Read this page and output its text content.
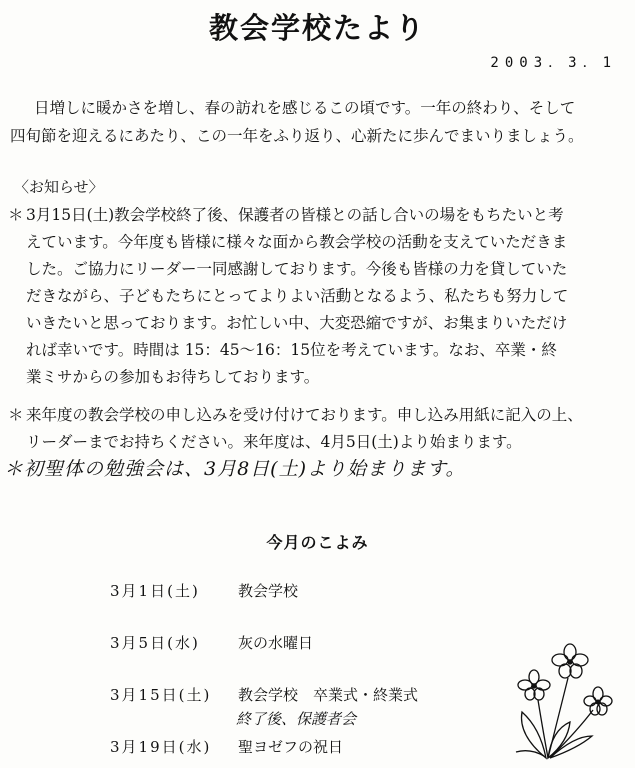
教会学校たより
2003．3．1

日増しに暖かさを増し、春の訪れを感じるこの頃です。一年の終わり、そして

四旬節を迎えるにあたり、この一年をふり返り、心新たに歩んでまいりましょう。

〈お知らせ〉
＊ 3月15日(土)教会学校終了後、保護者の皆様との話し合いの場をもちたいと考
えています。今年度も皆様に様々な面から教会学校の活動を支えていただきま
した。ご協力にリーダー一同感謝しております。今後も皆様の力を貸していた
だきながら、子どもたちにとってよりよい活動となるよう、私たちも努力して
いきたいと思っております。お忙しい中、大変恐縮ですが、お集まりいただけ
れば幸いです。時間は 15：45～16：15位を考えています。なお、卒業・終
業ミサからの参加もお待ちしております。
＊ 来年度の教会学校の申し込みを受け付けております。申し込み用紙に記入の上、
リーダーまでお持ちください。来年度は、4月5日(土)より始まります。
＊初聖体の勉強会は、3月8日(土)より始まります。
今月のこよみ
3月1日(土)	教会学校
3月5日(水)	灰の水曜日
3月15日(土) 教会学校　卒業式・終業式
終了後、保護者会
3月19日(水) 聖ヨゼフの祝日
